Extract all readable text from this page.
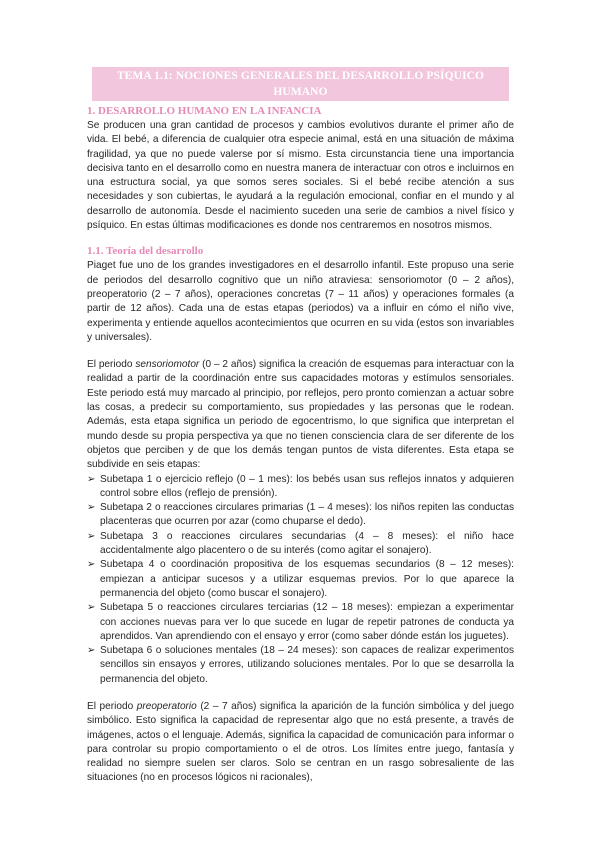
TEMA 1.1: NOCIONES GENERALES DEL DESARROLLO PSÍQUICO HUMANO
1. DESARROLLO HUMANO EN LA INFANCIA

Se producen una gran cantidad de procesos y cambios evolutivos durante el primer año de vida. El bebé, a diferencia de cualquier otra especie animal, está en una situación de máxima fragilidad, ya que no puede valerse por sí mismo. Esta circunstancia tiene una importancia decisiva tanto en el desarrollo como en nuestra manera de interactuar con otros e incluirnos en una estructura social, ya que somos seres sociales. Si el bebé recibe atención a sus necesidades y son cubiertas, le ayudará a la regulación emocional, confiar en el mundo y al desarrollo de autonomía. Desde el nacimiento suceden una serie de cambios a nivel físico y psíquico. En estas últimas modificaciones es donde nos centraremos en nosotros mismos.

1.1. Teoría del desarrollo

Piaget fue uno de los grandes investigadores en el desarrollo infantil. Este propuso una serie de periodos del desarrollo cognitivo que un niño atraviesa: sensoriomotor (0 – 2 años), preoperatorio (2 – 7 años), operaciones concretas (7 – 11 años) y operaciones formales (a partir de 12 años). Cada una de estas etapas (periodos) va a influir en cómo el niño vive, experimenta y entiende aquellos acontecimientos que ocurren en su vida (estos son invariables y universales).

El periodo sensoriomotor (0 – 2 años) significa la creación de esquemas para interactuar con la realidad a partir de la coordinación entre sus capacidades motoras y estímulos sensoriales. Este periodo está muy marcado al principio, por reflejos, pero pronto comienzan a actuar sobre las cosas, a predecir su comportamiento, sus propiedades y las personas que le rodean. Además, esta etapa significa un periodo de egocentrismo, lo que significa que interpretan el mundo desde su propia perspectiva ya que no tienen consciencia clara de ser diferente de los objetos que perciben y de que los demás tengan puntos de vista diferentes. Esta etapa se subdivide en seis etapas:

➢ Subetapa 1 o ejercicio reflejo (0 – 1 mes): los bebés usan sus reflejos innatos y adquieren control sobre ellos (reflejo de prensión).
➢ Subetapa 2 o reacciones circulares primarias (1 – 4 meses): los niños repiten las conductas placenteras que ocurren por azar (como chuparse el dedo).
➢ Subetapa 3 o reacciones circulares secundarias (4 – 8 meses): el niño hace accidentalmente algo placentero o de su interés (como agitar el sonajero).
➢ Subetapa 4 o coordinación propositiva de los esquemas secundarios (8 – 12 meses): empiezan a anticipar sucesos y a utilizar esquemas previos. Por lo que aparece la permanencia del objeto (como buscar el sonajero).
➢ Subetapa 5 o reacciones circulares terciarias (12 – 18 meses): empiezan a experimentar con acciones nuevas para ver lo que sucede en lugar de repetir patrones de conducta ya aprendidos. Van aprendiendo con el ensayo y error (como saber dónde están los juguetes).
➢ Subetapa 6 o soluciones mentales (18 – 24 meses): son capaces de realizar experimentos sencillos sin ensayos y errores, utilizando soluciones mentales. Por lo que se desarrolla la permanencia del objeto.

El periodo preoperatorio (2 – 7 años) significa la aparición de la función simbólica y del juego simbólico. Esto significa la capacidad de representar algo que no está presente, a través de imágenes, actos o el lenguaje. Además, significa la capacidad de comunicación para informar o para controlar su propio comportamiento o el de otros. Los límites entre juego, fantasía y realidad no siempre suelen ser claros. Solo se centran en un rasgo sobresaliente de las situaciones (no en procesos lógicos ni racionales),
